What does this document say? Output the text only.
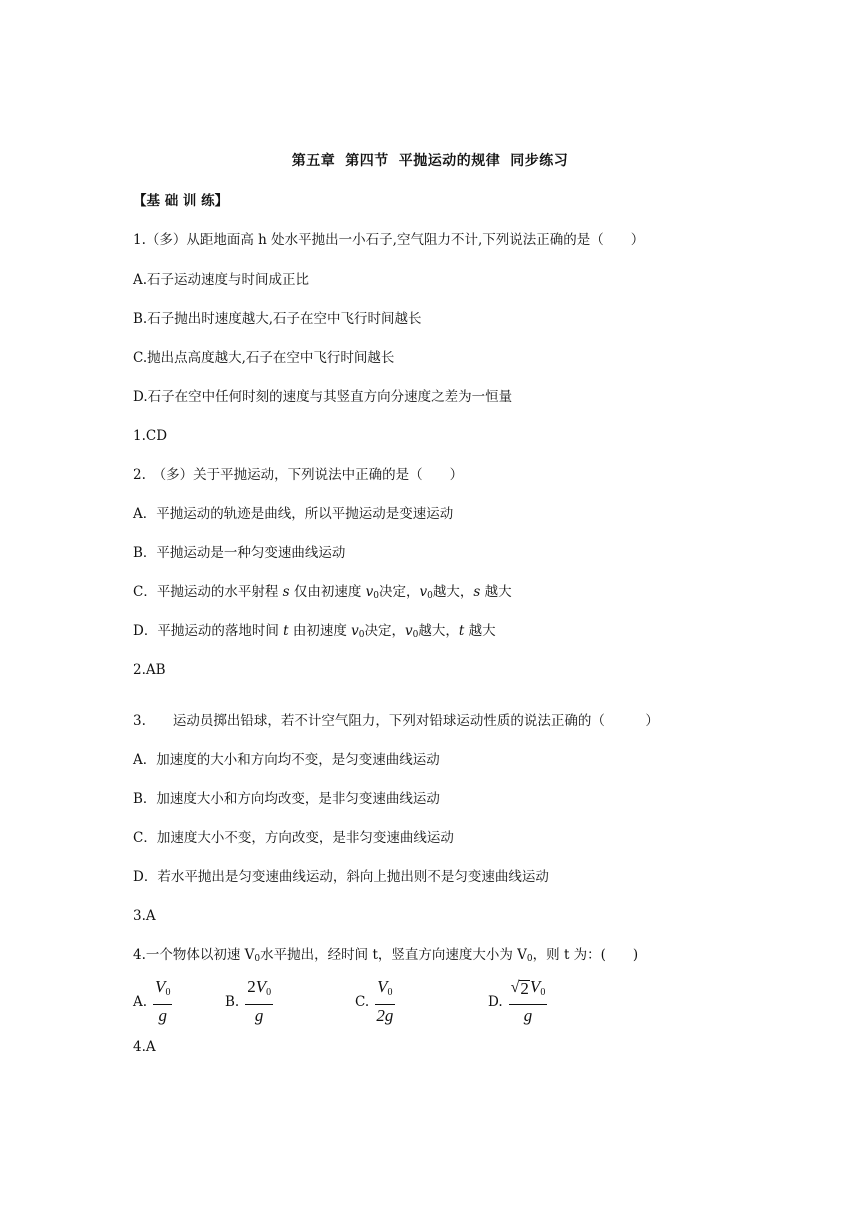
第五章 第四节 平抛运动的规律 同步练习
【基 础 训 练】
1.（多）从距地面高 h 处水平抛出一小石子,空气阻力不计,下列说法正确的是（　　）
A.石子运动速度与时间成正比
B.石子抛出时速度越大,石子在空中飞行时间越长
C.抛出点高度越大,石子在空中飞行时间越长
D.石子在空中任何时刻的速度与其竖直方向分速度之差为一恒量
1.CD
2.　（多）关于平抛运动，下列说法中正确的是（　　）
A．平抛运动的轨迹是曲线，所以平抛运动是变速运动
B．平抛运动是一种匀变速曲线运动
C．平抛运动的水平射程 s 仅由初速度 $v_0$决定，$v_0$越大，s 越大
D．平抛运动的落地时间 t 由初速度 $v_0$决定，$v_0$越大，t 越大
2.AB
3.　　运动员掷出铅球，若不计空气阻力，下列对铅球运动性质的说法正确的（　　　）
A．加速度的大小和方向均不变，是匀变速曲线运动
B．加速度大小和方向均改变，是非匀变速曲线运动
C．加速度大小不变，方向改变，是非匀变速曲线运动
D．若水平抛出是匀变速曲线运动，斜向上抛出则不是匀变速曲线运动
3.A
4.一个物体以初速 $V_0$水平抛出，经时间 t，竖直方向速度大小为 $V_0$，则 t 为：(　　)
A. $\frac{V0}{g}$	B. $\frac{2V0}{g}$	C. $\frac{V0}{2g}$	D. $\frac{√ 2 V0}{g}$
4.A
